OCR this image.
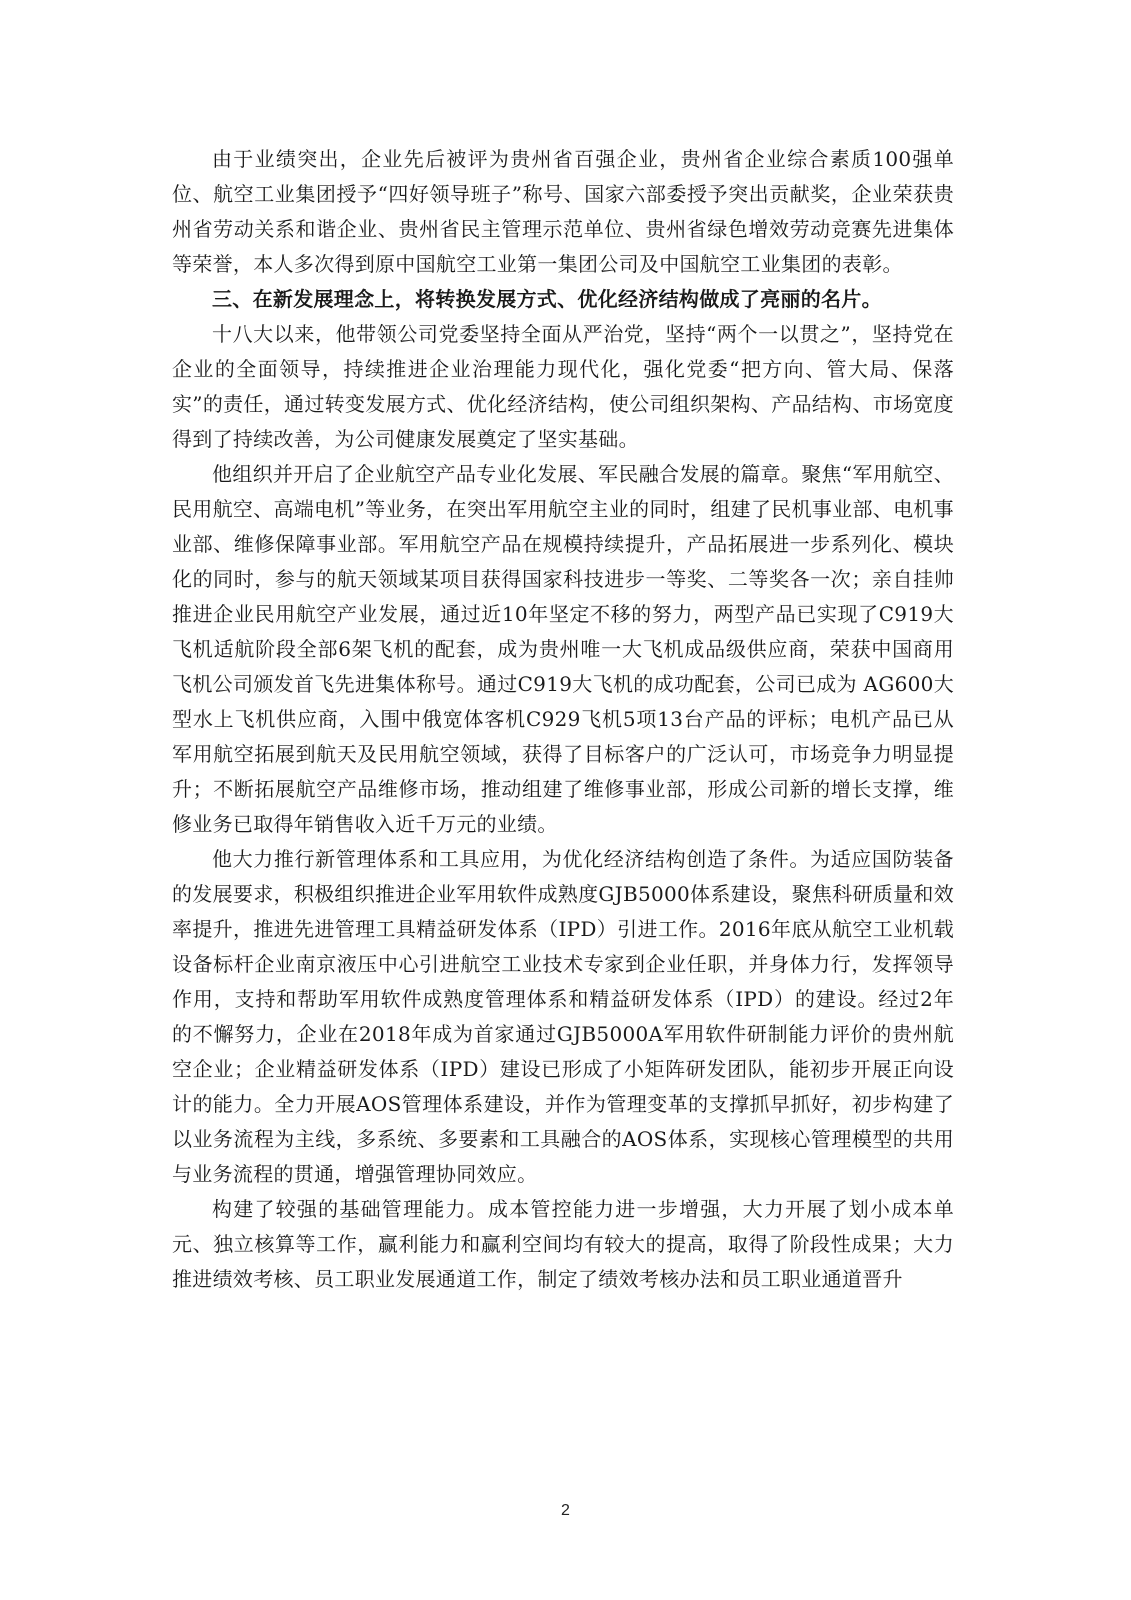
由于业绩突出，企业先后被评为贵州省百强企业，贵州省企业综合素质100强单位、航空工业集团授予“四好领导班子”称号、国家六部委授予突出贡献奖，企业荣获贵州省劳动关系和谐企业、贵州省民主管理示范单位、贵州省绿色增效劳动竞赛先进集体等荣誉，本人多次得到原中国航空工业第一集团公司及中国航空工业集团的表彰。

三、在新发展理念上，将转换发展方式、优化经济结构做成了亮丽的名片。

十八大以来，他带领公司党委坚持全面从严治党，坚持“两个一以贯之”，坚持党在企业的全面领导，持续推进企业治理能力现代化，强化党委“把方向、管大局、保落实”的责任，通过转变发展方式、优化经济结构，使公司组织架构、产品结构、市场宽度得到了持续改善，为公司健康发展奠定了坚实基础。

他组织并开启了企业航空产品专业化发展、军民融合发展的篇章。聚焦“军用航空、民用航空、高端电机”等业务，在突出军用航空主业的同时，组建了民机事业部、电机事业部、维修保障事业部。军用航空产品在规模持续提升，产品拓展进一步系列化、模块化的同时，参与的航天领域某项目获得国家科技进步一等奖、二等奖各一次；亲自挂帅推进企业民用航空产业发展，通过近10年坚定不移的努力，两型产品已实现了C919大飞机适航阶段全部6架飞机的配套，成为贵州唯一大飞机成品级供应商，荣获中国商用飞机公司颁发首飞先进集体称号。通过C919大飞机的成功配套，公司已成为 AG600大型水上飞机供应商，入围中俄宽体客机C929飞机5项13台产品的评标；电机产品已从军用航空拓展到航天及民用航空领域，获得了目标客户的广泛认可，市场竞争力明显提升；不断拓展航空产品维修市场，推动组建了维修事业部，形成公司新的增长支撑，维修业务已取得年销售收入近千万元的业绩。

他大力推行新管理体系和工具应用，为优化经济结构创造了条件。为适应国防装备的发展要求，积极组织推进企业军用软件成熟度GJB5000体系建设，聚焦科研质量和效率提升，推进先进管理工具精益研发体系（IPD）引进工作。2016年底从航空工业机载设备标杆企业南京液压中心引进航空工业技术专家到企业任职，并身体力行，发挥领导作用，支持和帮助军用软件成熟度管理体系和精益研发体系（IPD）的建设。经过2年的不懈努力，企业在2018年成为首家通过GJB5000A军用软件研制能力评价的贵州航空企业；企业精益研发体系（IPD）建设已形成了小矩阵研发团队，能初步开展正向设计的能力。全力开展AOS管理体系建设，并作为管理变革的支撑抓早抓好，初步构建了以业务流程为主线，多系统、多要素和工具融合的AOS体系，实现核心管理模型的共用与业务流程的贯通，增强管理协同效应。

构建了较强的基础管理能力。成本管控能力进一步增强，大力开展了划小成本单元、独立核算等工作，赢利能力和赢利空间均有较大的提高，取得了阶段性成果；大力推进绩效考核、员工职业发展通道工作，制定了绩效考核办法和员工职业通道晋升

2
